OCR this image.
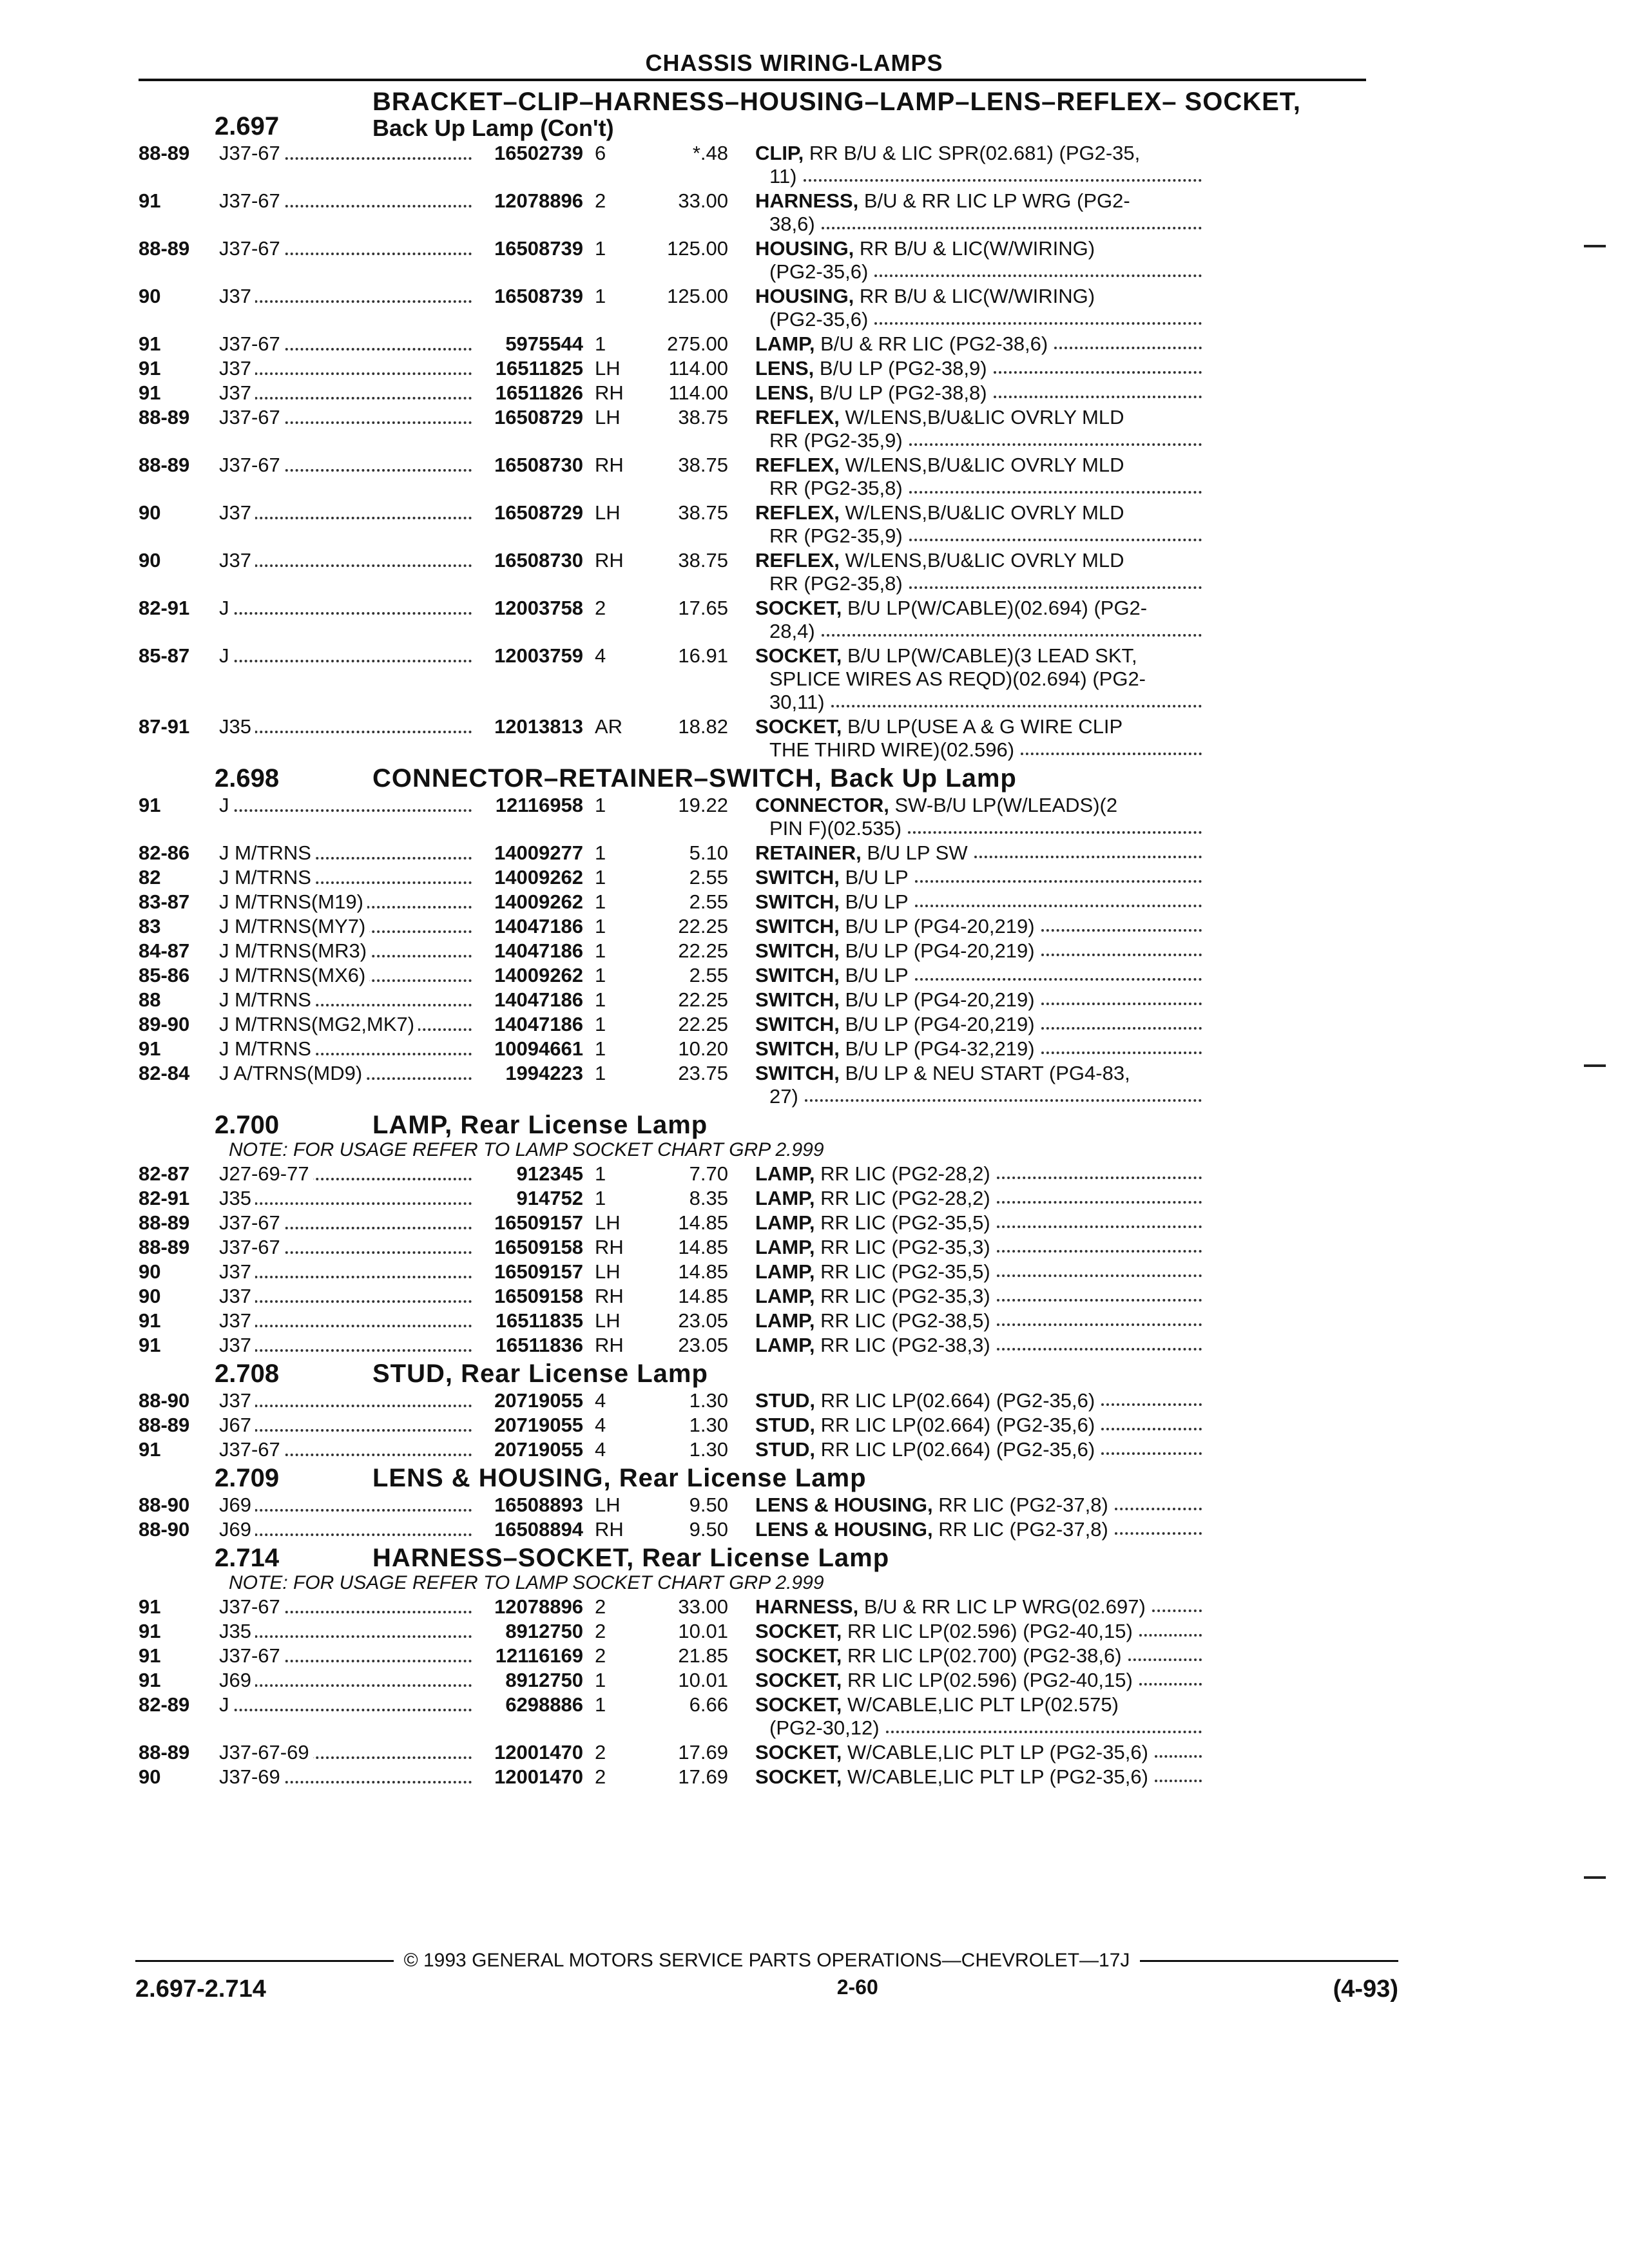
CHASSIS WIRING-LAMPS
2.697
BRACKET–CLIP–HARNESS–HOUSING–LAMP–LENS–REFLEX– SOCKET,
Back Up Lamp (Con't)
88-89	J37-67	16502739 6	*.48 CLIP, RR B/U & LIC SPR(02.681) (PG2-35,
11)
91	J37-67	12078896 2	33.00 HARNESS, B/U & RR LIC LP WRG (PG2-
38,6)
88-89	J37-67	16508739 1	125.00 HOUSING, RR B/U & LIC(W/WIRING)
(PG2-35,6)
90	J37	16508739 1	125.00 HOUSING, RR B/U & LIC(W/WIRING)
(PG2-35,6)
91	J37-67	5975544 1	275.00 LAMP, B/U & RR LIC (PG2-38,6)
91	J37	16511825 LH	114.00 LENS, B/U LP (PG2-38,9)
91	J37	16511826 RH	114.00 LENS, B/U LP (PG2-38,8)
88-89	J37-67	16508729 LH	38.75 REFLEX, W/LENS,B/U&LIC OVRLY MLD
RR (PG2-35,9)
88-89	J37-67	16508730 RH	38.75 REFLEX, W/LENS,B/U&LIC OVRLY MLD
RR (PG2-35,8)
90	J37	16508729 LH	38.75 REFLEX, W/LENS,B/U&LIC OVRLY MLD
RR (PG2-35,9)
90	J37	16508730 RH	38.75 REFLEX, W/LENS,B/U&LIC OVRLY MLD
RR (PG2-35,8)
82-91	J	12003758 2	17.65 SOCKET, B/U LP(W/CABLE)(02.694) (PG2-
28,4)
85-87	J	12003759 4	16.91 SOCKET, B/U LP(W/CABLE)(3 LEAD SKT,
SPLICE WIRES AS REQD)(02.694) (PG2-
30,11)
87-91	J35	12013813 AR	18.82 SOCKET, B/U LP(USE A & G WIRE CLIP
THE THIRD WIRE)(02.596)
2.698	CONNECTOR–RETAINER–SWITCH, Back Up Lamp
91	J	12116958 1	19.22 CONNECTOR, SW-B/U LP(W/LEADS)(2
PIN F)(02.535)
82-86	J M/TRNS	14009277 1	5.10 RETAINER, B/U LP SW
82	J M/TRNS	14009262 1	2.55 SWITCH, B/U LP
83-87	J M/TRNS(M19)	14009262 1	2.55 SWITCH, B/U LP
83	J M/TRNS(MY7)	14047186 1	22.25 SWITCH, B/U LP (PG4-20,219)
84-87	J M/TRNS(MR3)	14047186 1	22.25 SWITCH, B/U LP (PG4-20,219)
85-86	J M/TRNS(MX6)	14009262 1	2.55 SWITCH, B/U LP
88	J M/TRNS	14047186 1	22.25 SWITCH, B/U LP (PG4-20,219)
89-90	J M/TRNS(MG2,MK7)	14047186 1	22.25 SWITCH, B/U LP (PG4-20,219)
91	J M/TRNS	10094661 1	10.20 SWITCH, B/U LP (PG4-32,219)
82-84	J A/TRNS(MD9)	1994223 1	23.75 SWITCH, B/U LP & NEU START (PG4-83,
27)
2.700	LAMP, Rear License Lamp
NOTE: FOR USAGE REFER TO LAMP SOCKET CHART GRP 2.999
82-87	J27-69-77	912345 1	7.70 LAMP, RR LIC (PG2-28,2)
82-91	J35	914752 1	8.35 LAMP, RR LIC (PG2-28,2)
88-89	J37-67	16509157 LH	14.85 LAMP, RR LIC (PG2-35,5)
88-89	J37-67	16509158 RH	14.85 LAMP, RR LIC (PG2-35,3)
90	J37	16509157 LH	14.85 LAMP, RR LIC (PG2-35,5)
90	J37	16509158 RH	14.85 LAMP, RR LIC (PG2-35,3)
91	J37	16511835 LH	23.05 LAMP, RR LIC (PG2-38,5)
91	J37	16511836 RH	23.05 LAMP, RR LIC (PG2-38,3)
2.708	STUD, Rear License Lamp
88-90	J37	20719055 4	1.30 STUD, RR LIC LP(02.664) (PG2-35,6)
88-89	J67	20719055 4	1.30 STUD, RR LIC LP(02.664) (PG2-35,6)
91	J37-67	20719055 4	1.30 STUD, RR LIC LP(02.664) (PG2-35,6)
2.709	LENS & HOUSING, Rear License Lamp
88-90	J69	16508893 LH	9.50 LENS & HOUSING, RR LIC (PG2-37,8)
88-90	J69	16508894 RH	9.50 LENS & HOUSING, RR LIC (PG2-37,8)
2.714	HARNESS–SOCKET, Rear License Lamp
NOTE: FOR USAGE REFER TO LAMP SOCKET CHART GRP 2.999
91	J37-67	12078896 2	33.00 HARNESS, B/U & RR LIC LP WRG(02.697)
91	J35	8912750 2	10.01 SOCKET, RR LIC LP(02.596) (PG2-40,15)
91	J37-67	12116169 2	21.85 SOCKET, RR LIC LP(02.700) (PG2-38,6)
91	J69	8912750 1	10.01 SOCKET, RR LIC LP(02.596) (PG2-40,15)
82-89	J	6298886 1	6.66 SOCKET, W/CABLE,LIC PLT LP(02.575)
(PG2-30,12)
88-89	J37-67-69	12001470 2	17.69 SOCKET, W/CABLE,LIC PLT LP (PG2-35,6)
90	J37-69	12001470 2	17.69 SOCKET, W/CABLE,LIC PLT LP (PG2-35,6)
© 1993 GENERAL MOTORS SERVICE PARTS OPERATIONS—CHEVROLET—17J
2.697-2.714	2-60	(4-93)
